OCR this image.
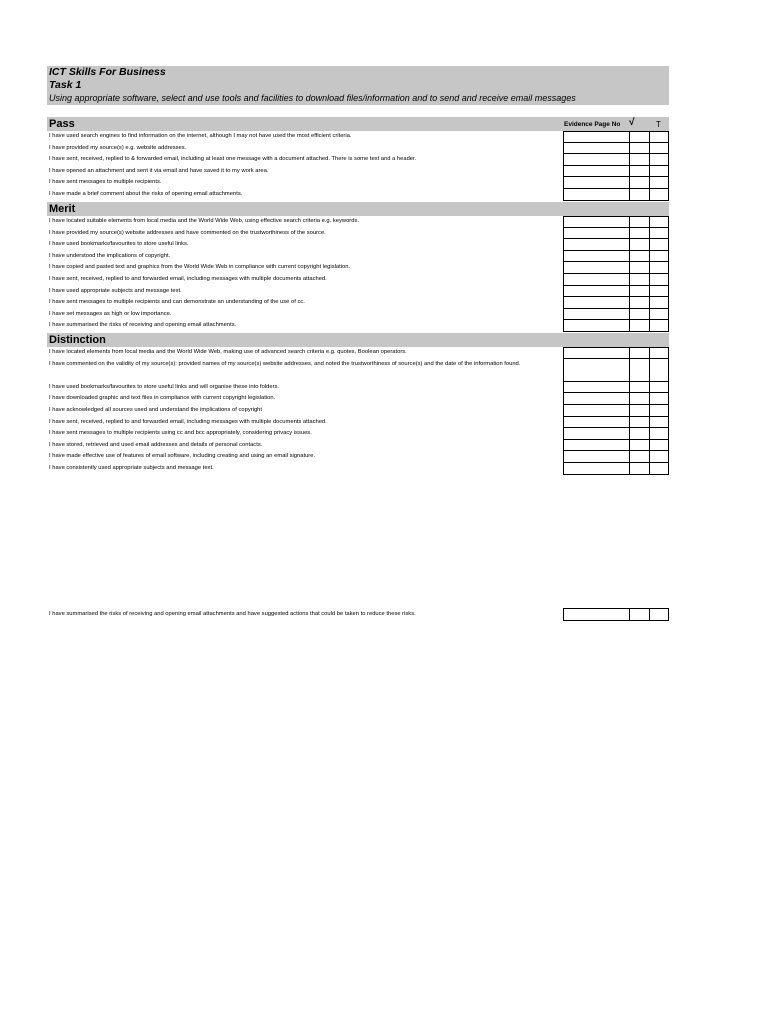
ICT Skills For Business
Task 1
Using appropriate software, select and use tools and facilities to download files/information and to send and receive email messages
Pass	Evidence Page No √	T
I have used search engines to find information on the internet, although I may not have used the most efficient criteria.
I have provided my source(s) e.g. website addresses.
I have sent, received, replied to & forwarded email, including at least one message with a document attached. There is some text and a header.
I have opened an attachment and sent it via email and have saved it to my work area.
I have sent messages to multiple recipients.
I have made a brief comment about the risks of opening email attachments.
Merit
I have located suitable elements from local media and the World Wide Web, using effective search criteria e.g. keywords.
I have provided my source(s) website addresses and have commented on the trustworthiness of the source.
I have used bookmarks/favourites to store useful links.
I have understood the implications of copyright.
I have copied and pasted text and graphics from the World Wide Web in compliance with current copyright legislation.
I have sent, received, replied to and forwarded email, including messages with multiple documents attached.
I have used appropriate subjects and message text.
I have sent messages to multiple recipients and can demonstrate an understanding of the use of cc.
I have set messages as high or low importance.
I have summarised the risks of receiving and opening email attachments.
Distinction
I have located elements from local media and the World Wide Web, making use of advanced search criteria e.g. quotes, Boolean operators.
I have commented on the validity of my source(s): provided names of my source(s) website addresses, and noted the trustworthiness of source(s) and the date of the information found.
I have used bookmarks/favourites to store useful links and will organise these into folders.
I have downloaded graphic and text files in compliance with current copyright legislation.
I have acknowledged all sources used and understand the implications of copyright
I have sent, received, replied to and forwarded email, including messages with multiple documents attached.
I have sent messages to multiple recipients using cc and bcc appropriately, considering privacy issues.
I have stored, retrieved and used email addresses and details of personal contacts.
I have made effective use of features of email software, including creating and using an email signature.
I have consistently used appropriate subjects and message text.
I have summarised the risks of receiving and opening email attachments and have suggested actions that could be taken to reduce these risks.
